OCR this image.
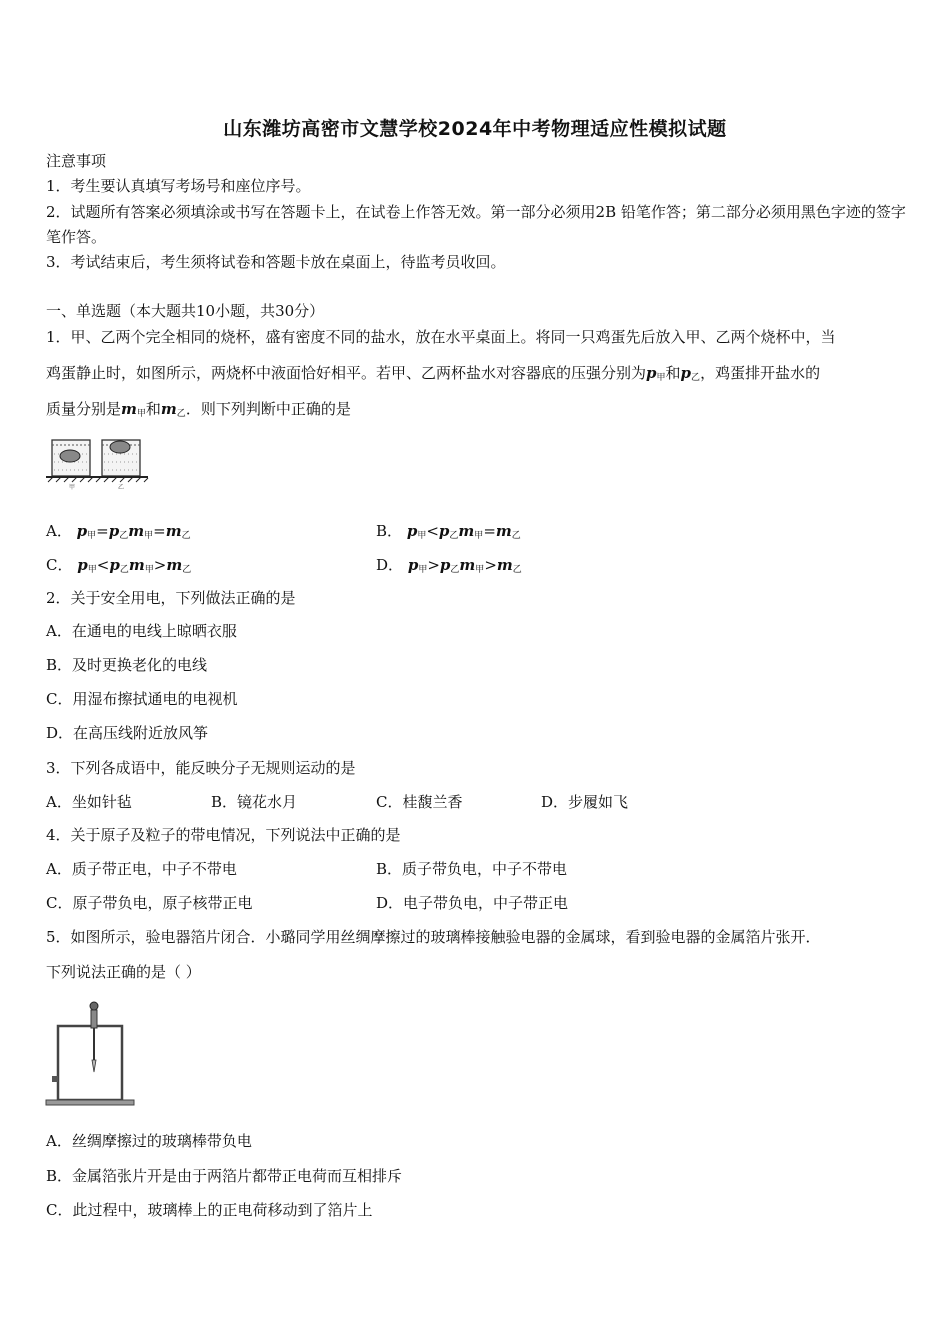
山东潍坊高密市文慧学校2024年中考物理适应性模拟试题
注意事项
1．考生要认真填写考场号和座位序号。
2．试题所有答案必须填涂或书写在答题卡上，在试卷上作答无效。第一部分必须用2B 铅笔作答；第二部分必须用黑色字迹的签字笔作答。
3．考试结束后，考生须将试卷和答题卡放在桌面上，待监考员收回。
一、单选题（本大题共10小题，共30分）
1．甲、乙两个完全相同的烧杯，盛有密度不同的盐水，放在水平桌面上。将同一只鸡蛋先后放入甲、乙两个烧杯中，当
鸡蛋静止时，如图所示，两烧杯中液面恰好相平。若甲、乙两杯盐水对容器底的压强分别为$p_甲$和$p_乙$，鸡蛋排开盐水的
质量分别是$m_甲$和$m_乙$．则下列判断中正确的是
甲	乙
A． $p_甲=p_乙m_甲=m_乙$	B． $p_甲<p_乙m_甲=m_乙$
C． $p_甲<p_乙m_甲>m_乙$	D． $p_甲>p_乙m_甲>m_乙$
2．关于安全用电，下列做法正确的是
A．在通电的电线上晾晒衣服
B．及时更换老化的电线
C．用湿布擦拭通电的电视机
D．在高压线附近放风筝
3．下列各成语中，能反映分子无规则运动的是
A．坐如针毡	B．镜花水月	C．桂馥兰香	D．步履如飞
4．关于原子及粒子的带电情况，下列说法中正确的是
A．质子带正电，中子不带电	B．质子带负电，中子不带电
C．原子带负电，原子核带正电	D．电子带负电，中子带正电
5．如图所示，验电器箔片闭合．小璐同学用丝绸摩擦过的玻璃棒接触验电器的金属球，看到验电器的金属箔片张开．
下列说法正确的是（ ）
A．丝绸摩擦过的玻璃棒带负电
B．金属箔张片开是由于两箔片都带正电荷而互相排斥
C．此过程中，玻璃棒上的正电荷移动到了箔片上
